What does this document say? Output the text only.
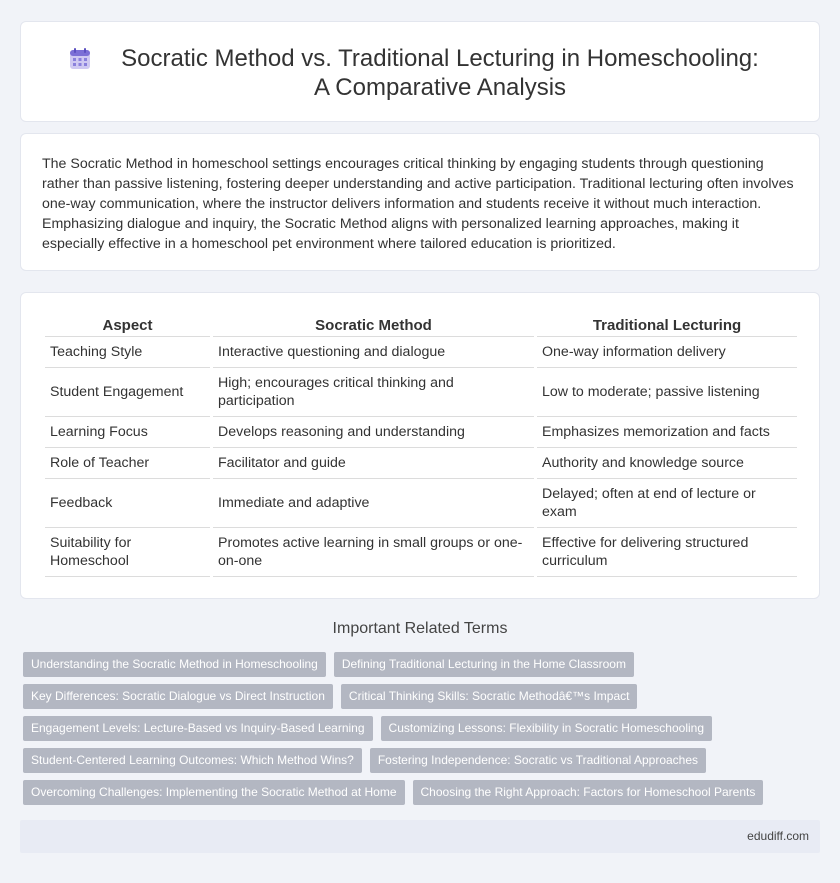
Socratic Method vs. Traditional Lecturing in Homeschooling: A Comparative Analysis

The Socratic Method in homeschool settings encourages critical thinking by engaging students through questioning rather than passive listening, fostering deeper understanding and active participation. Traditional lecturing often involves one-way communication, where the instructor delivers information and students receive it without much interaction. Emphasizing dialogue and inquiry, the Socratic Method aligns with personalized learning approaches, making it especially effective in a homeschool pet environment where tailored education is prioritized.

Aspect	Socratic Method	Traditional Lecturing
Teaching Style	Interactive questioning and dialogue	One-way information delivery
Student Engagement	High; encourages critical thinking and participation	Low to moderate; passive listening
Learning Focus	Develops reasoning and understanding	Emphasizes memorization and facts
Role of Teacher	Facilitator and guide	Authority and knowledge source
Feedback	Immediate and adaptive	Delayed; often at end of lecture or exam
Suitability for Homeschool	Promotes active learning in small groups or one-on-one	Effective for delivering structured curriculum
Important Related Terms
Understanding the Socratic Method in Homeschooling	Defining Traditional Lecturing in the Home Classroom
Key Differences: Socratic Dialogue vs Direct Instruction	Critical Thinking Skills: Socratic Methodâ€™s Impact
Engagement Levels: Lecture-Based vs Inquiry-Based Learning	Customizing Lessons: Flexibility in Socratic Homeschooling
Student-Centered Learning Outcomes: Which Method Wins?	Fostering Independence: Socratic vs Traditional Approaches
Overcoming Challenges: Implementing the Socratic Method at Home	Choosing the Right Approach: Factors for Homeschool Parents
edudiff.com
